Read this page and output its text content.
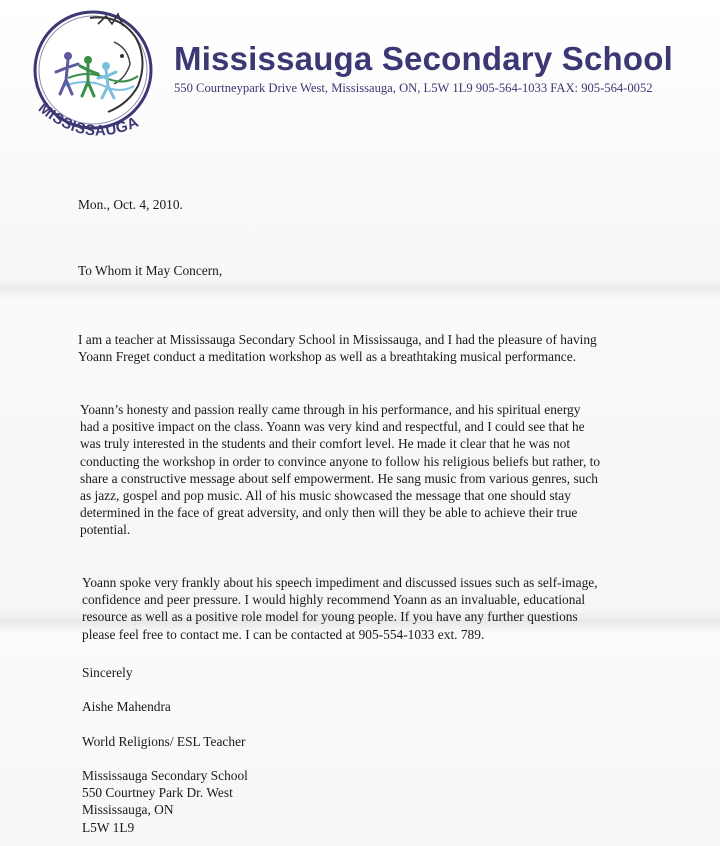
MISSISSAUGA
Mississauga Secondary School
550 Courtneypark Drive West, Mississauga, ON, L5W 1L9 905-564-1033 FAX: 905-564-0052
Mon., Oct. 4, 2010.
To Whom it May Concern,

I am a teacher at Mississauga Secondary School in Mississauga, and I had the pleasure of having

Yoann Freget conduct a meditation workshop as well as a breathtaking musical performance.

Yoann’s honesty and passion really came through in his performance, and his spiritual energy

had a positive impact on the class. Yoann was very kind and respectful, and I could see that he

was truly interested in the students and their comfort level. He made it clear that he was not

conducting the workshop in order to convince anyone to follow his religious beliefs but rather, to

share a constructive message about self empowerment. He sang music from various genres, such

as jazz, gospel and pop music. All of his music showcased the message that one should stay

determined in the face of great adversity, and only then will they be able to achieve their true

potential.

Yoann spoke very frankly about his speech impediment and discussed issues such as self-image,

confidence and peer pressure. I would highly recommend Yoann as an invaluable, educational

resource as well as a positive role model for young people. If you have any further questions

please feel free to contact me. I can be contacted at 905-554-1033 ext. 789.

Sincerely
Aishe Mahendra
World Religions/ ESL Teacher

Mississauga Secondary School

550 Courtney Park Dr. West

Mississauga, ON

L5W 1L9
